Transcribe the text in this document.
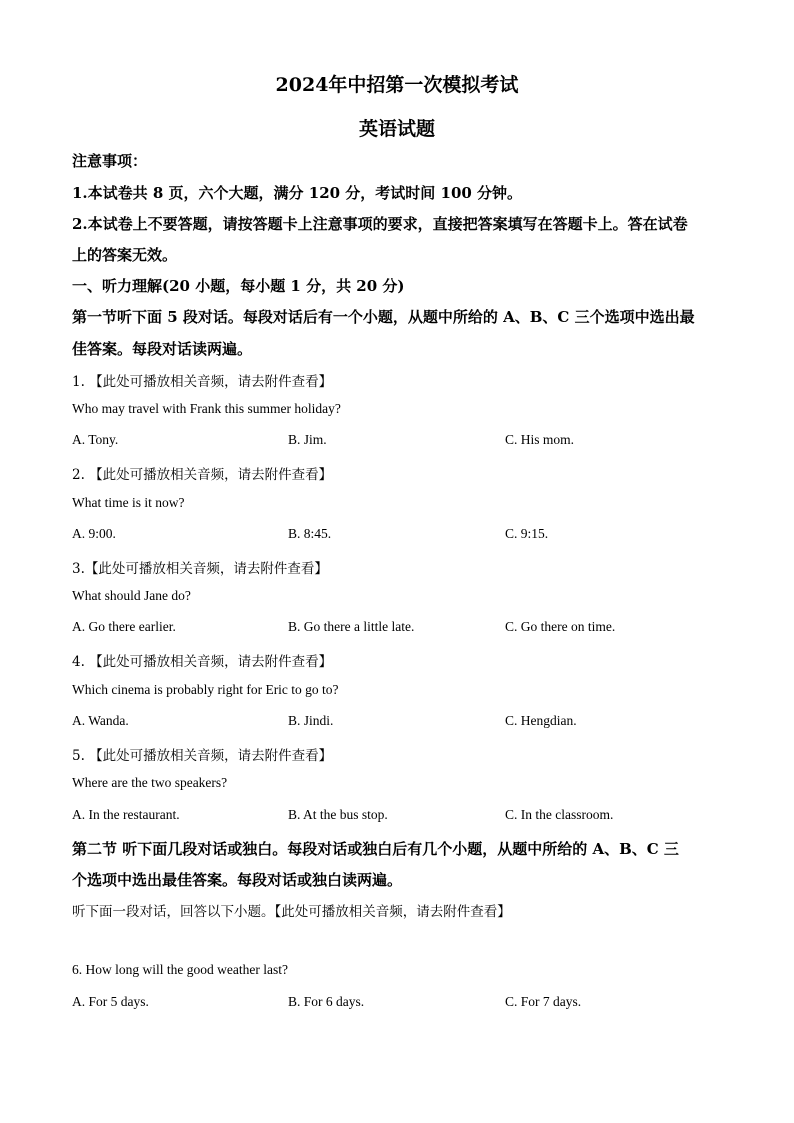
2024年中招第一次模拟考试
英语试题
注意事项：
1.本试卷共 8 页，六个大题，满分 120 分，考试时间 100 分钟。
2.本试卷上不要答题，请按答题卡上注意事项的要求，直接把答案填写在答题卡上。答在试卷
上的答案无效。
一、听力理解(20 小题，每小题 1 分，共 20 分)
第一节听下面 5 段对话。每段对话后有一个小题，从题中所给的 A、B、C 三个选项中选出最
佳答案。每段对话读两遍。
1. 【此处可播放相关音频，请去附件查看】
Who may travel with Frank this summer holiday?
A. Tony.	B. Jim.	C. His mom.
2. 【此处可播放相关音频，请去附件查看】
What time is it now?
A. 9:00.	B. 8:45.	C. 9:15.
3.【此处可播放相关音频，请去附件查看】
What should Jane do?
A. Go there earlier.	B. Go there a little late.	C. Go there on time.
4. 【此处可播放相关音频，请去附件查看】
Which cinema is probably right for Eric to go to?
A. Wanda.	B. Jindi.	C. Hengdian.
5. 【此处可播放相关音频，请去附件查看】
Where are the two speakers?
A. In the restaurant.	B. At the bus stop.	C. In the classroom.
第二节 听下面几段对话或独白。每段对话或独白后有几个小题，从题中所给的 A、B、C 三
个选项中选出最佳答案。每段对话或独白读两遍。
听下面一段对话，回答以下小题。【此处可播放相关音频，请去附件查看】
6. How long will the good weather last?
A. For 5 days.	B. For 6 days.	C. For 7 days.
